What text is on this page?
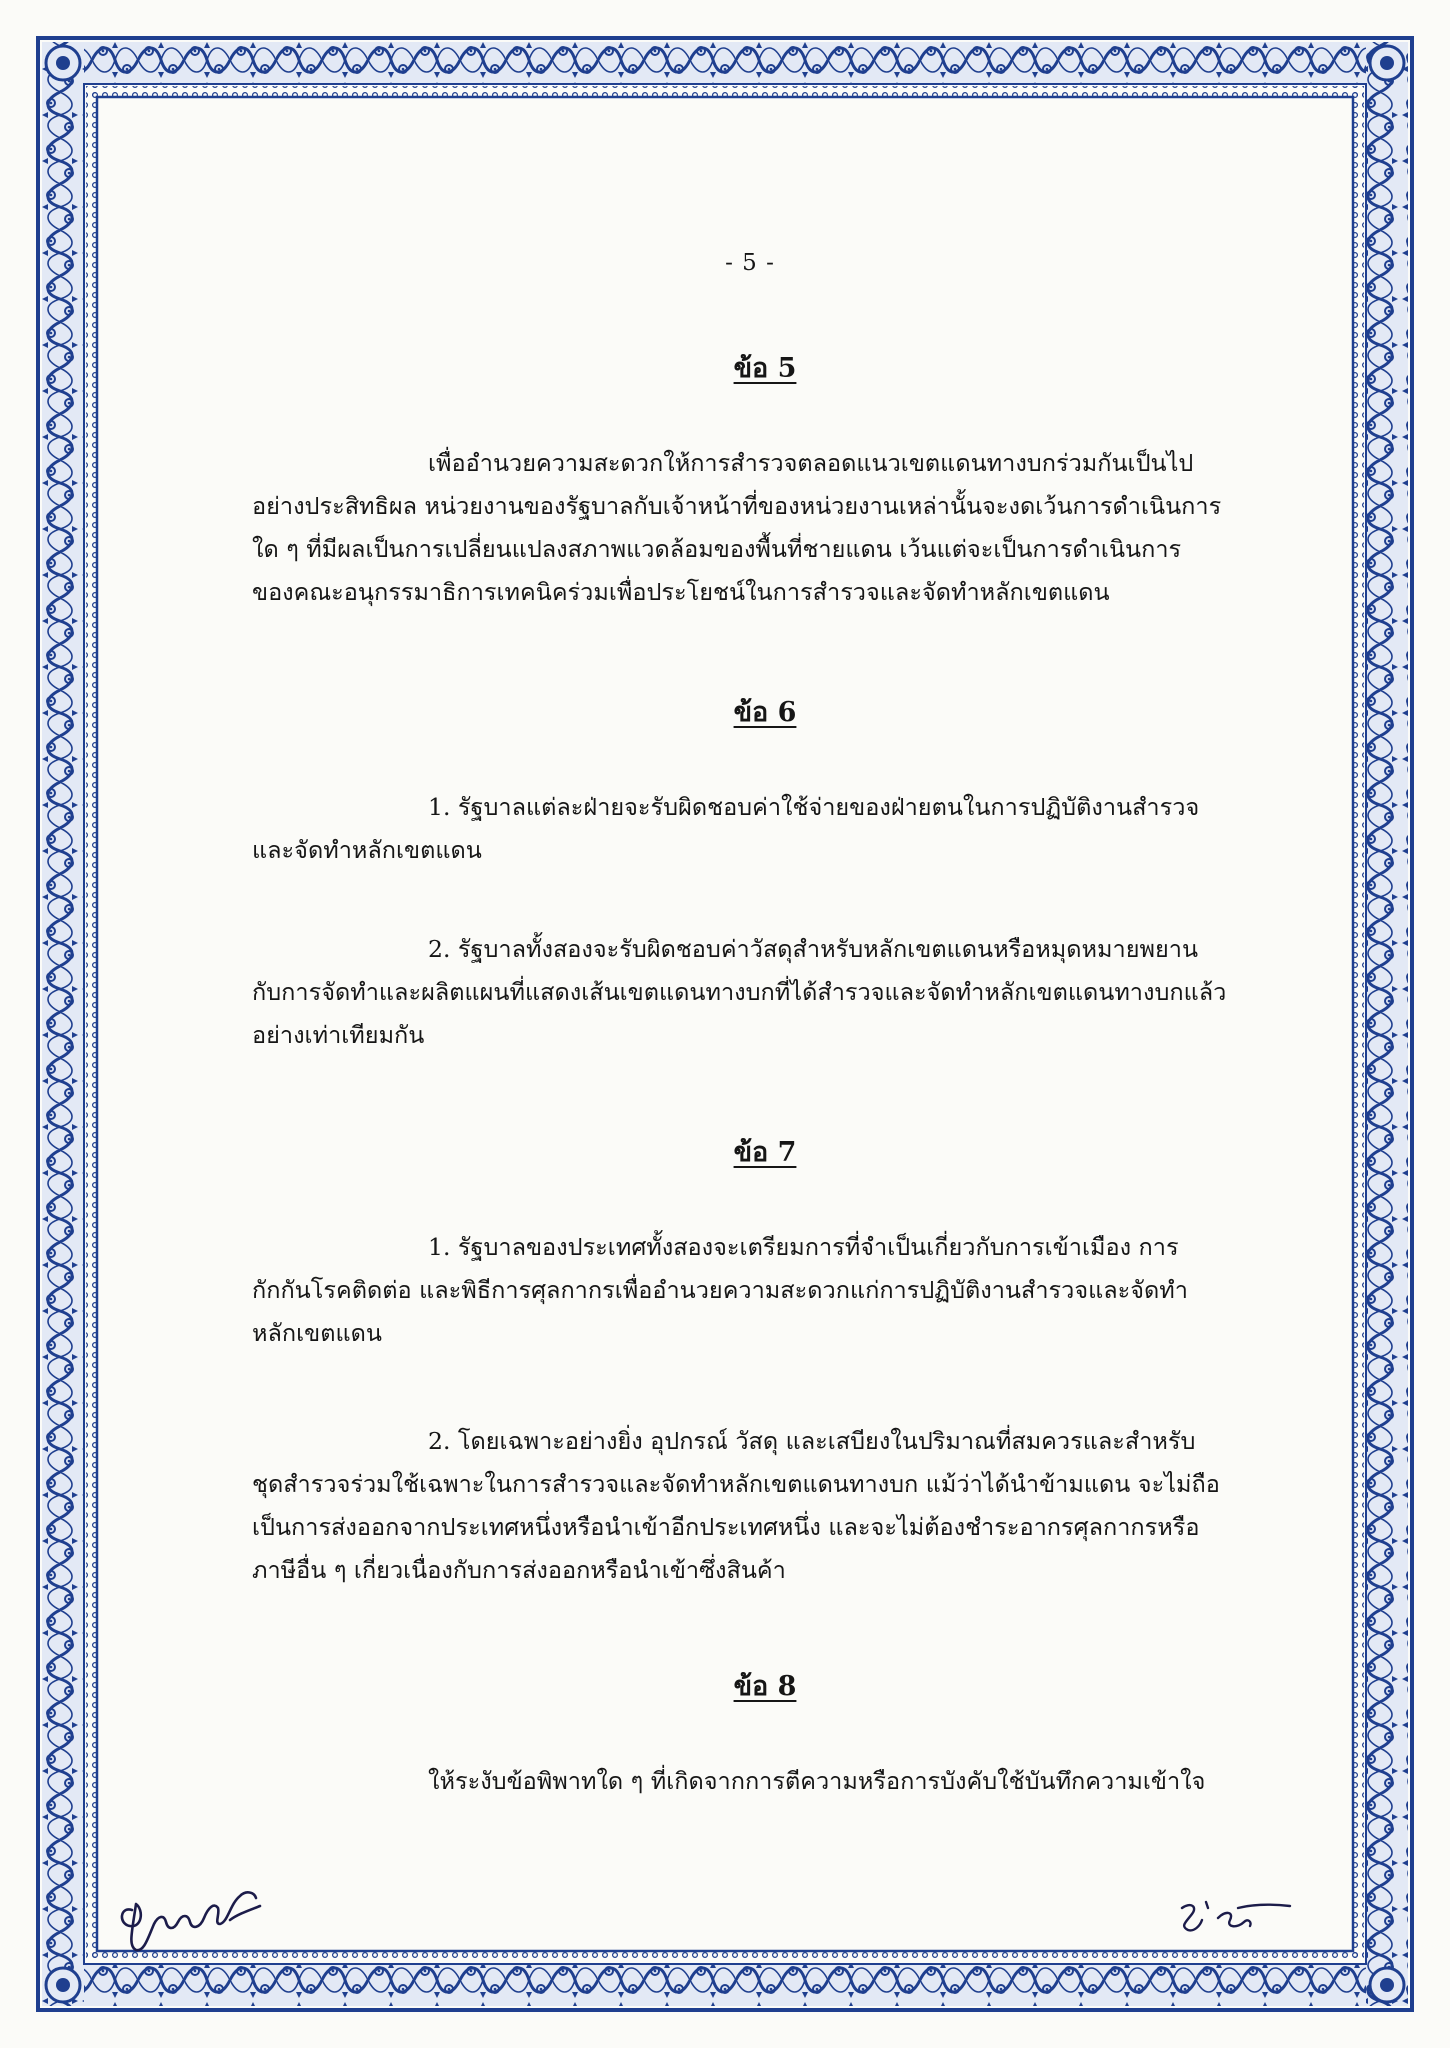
- 5 -
ข้อ 5
เพื่ออำนวยความสะดวกให้การสำรวจตลอดแนวเขตแดนทางบกร่วมกันเป็นไป
อย่างประสิทธิผล หน่วยงานของรัฐบาลกับเจ้าหน้าที่ของหน่วยงานเหล่านั้นจะงดเว้นการดำเนินการ
ใด ๆ ที่มีผลเป็นการเปลี่ยนแปลงสภาพแวดล้อมของพื้นที่ชายแดน เว้นแต่จะเป็นการดำเนินการ
ของคณะอนุกรรมาธิการเทคนิคร่วมเพื่อประโยชน์ในการสำรวจและจัดทำหลักเขตแดน
ข้อ 6
1. รัฐบาลแต่ละฝ่ายจะรับผิดชอบค่าใช้จ่ายของฝ่ายตนในการปฏิบัติงานสำรวจ
และจัดทำหลักเขตแดน
2. รัฐบาลทั้งสองจะรับผิดชอบค่าวัสดุสำหรับหลักเขตแดนหรือหมุดหมายพยาน
กับการจัดทำและผลิตแผนที่แสดงเส้นเขตแดนทางบกที่ได้สำรวจและจัดทำหลักเขตแดนทางบกแล้ว
อย่างเท่าเทียมกัน
ข้อ 7
1. รัฐบาลของประเทศทั้งสองจะเตรียมการที่จำเป็นเกี่ยวกับการเข้าเมือง การ
กักกันโรคติดต่อ และพิธีการศุลกากรเพื่ออำนวยความสะดวกแก่การปฏิบัติงานสำรวจและจัดทำ
หลักเขตแดน
2. โดยเฉพาะอย่างยิ่ง อุปกรณ์ วัสดุ และเสบียงในปริมาณที่สมควรและสำหรับ
ชุดสำรวจร่วมใช้เฉพาะในการสำรวจและจัดทำหลักเขตแดนทางบก แม้ว่าได้นำข้ามแดน จะไม่ถือ
เป็นการส่งออกจากประเทศหนึ่งหรือนำเข้าอีกประเทศหนึ่ง และจะไม่ต้องชำระอากรศุลกากรหรือ
ภาษีอื่น ๆ เกี่ยวเนื่องกับการส่งออกหรือนำเข้าซึ่งสินค้า
ข้อ 8
ให้ระงับข้อพิพาทใด ๆ ที่เกิดจากการตีความหรือการบังคับใช้บันทึกความเข้าใจ
